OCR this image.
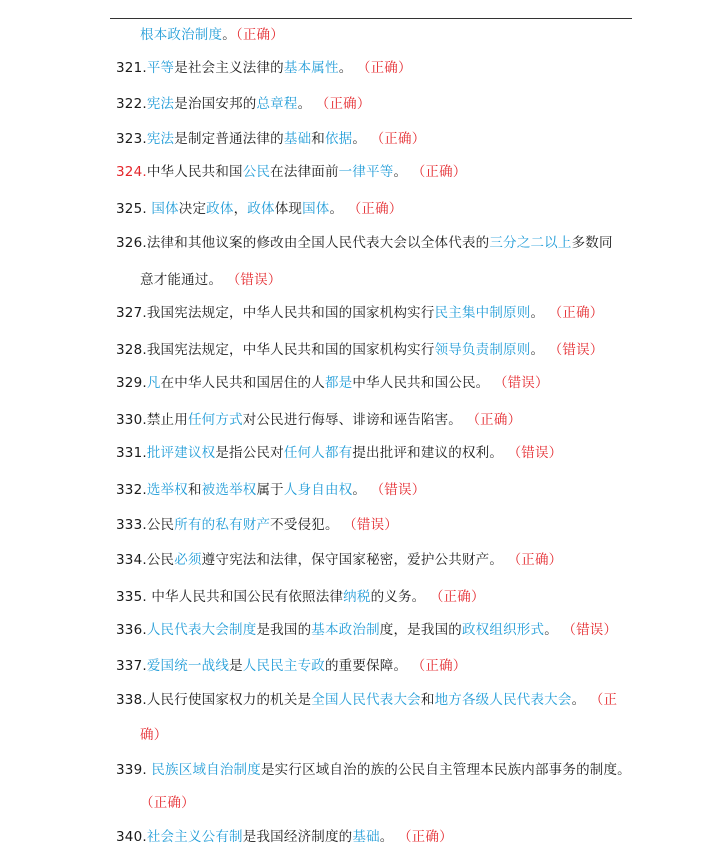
根本政治制度。（正确）
321.平等是社会主义法律的基本属性。 （正确）
322.宪法是治国安邦的总章程。 （正确）
323.宪法是制定普通法律的基础和依据。 （正确）
324.中华人民共和国公民在法律面前一律平等。 （正确）
325. 国体决定政体，政体体现国体。 （正确）
326.法律和其他议案的修改由全国人民代表大会以全体代表的三分之二以上多数同
意才能通过。 （错误）
327.我国宪法规定，中华人民共和国的国家机构实行民主集中制原则。 （正确）
328.我国宪法规定，中华人民共和国的国家机构实行领导负责制原则。 （错误）
329.凡在中华人民共和国居住的人都是中华人民共和国公民。 （错误）
330.禁止用任何方式对公民进行侮辱、诽谤和诬告陷害。 （正确）
331.批评建议权是指公民对任何人都有提出批评和建议的权利。 （错误）
332.选举权和被选举权属于人身自由权。 （错误）
333.公民所有的私有财产不受侵犯。 （错误）
334.公民必须遵守宪法和法律，保守国家秘密，爱护公共财产。 （正确）
335. 中华人民共和国公民有依照法律纳税的义务。 （正确）
336.人民代表大会制度是我国的基本政治制度，是我国的政权组织形式。 （错误）
337.爱国统一战线是人民民主专政的重要保障。 （正确）
338.人民行使国家权力的机关是全国人民代表大会和地方各级人民代表大会。 （正
确）
339. 民族区域自治制度是实行区域自治的族的公民自主管理本民族内部事务的制度。
（正确）
340.社会主义公有制是我国经济制度的基础。 （正确）
